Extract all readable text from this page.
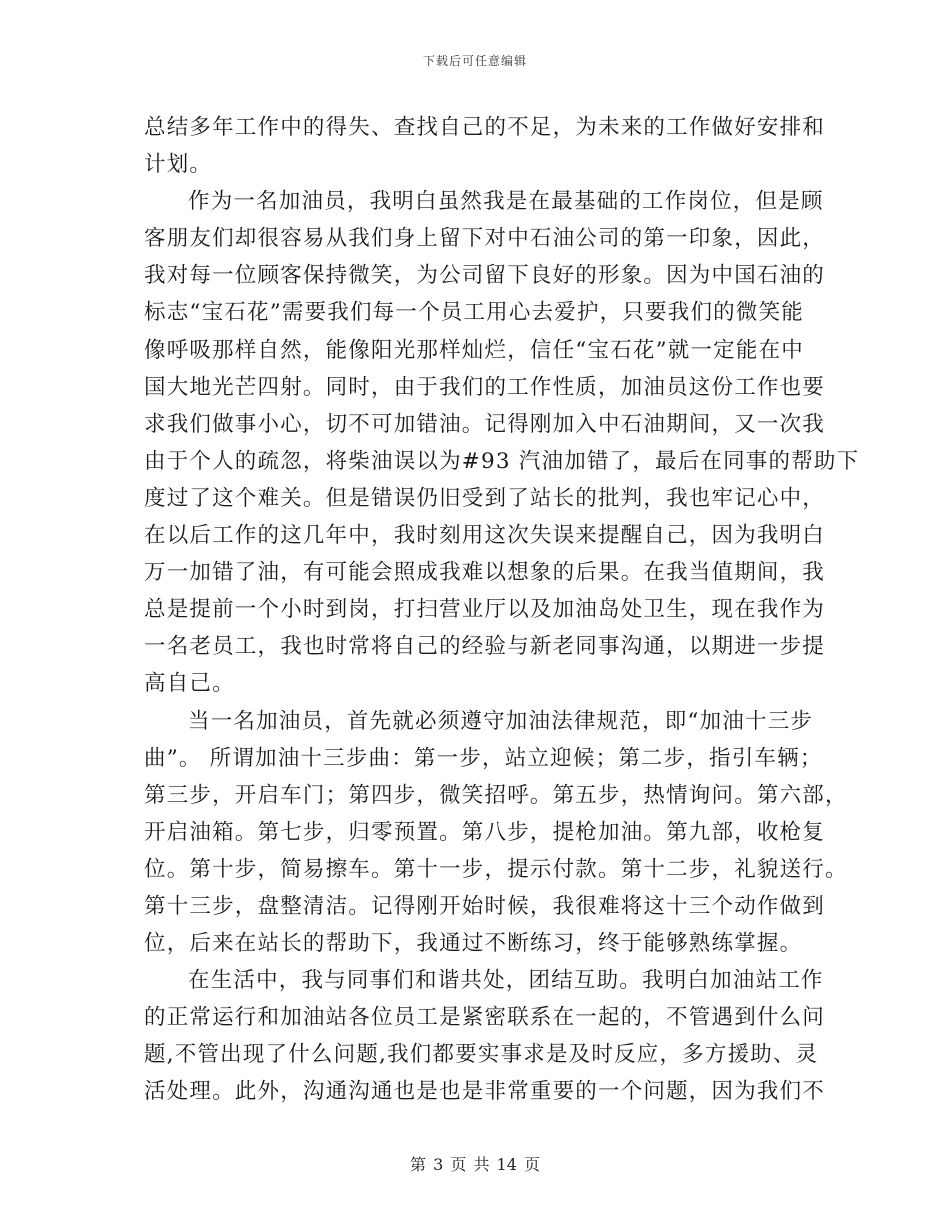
下载后可任意编辑
总结多年工作中的得失、查找自己的不足，为未来的工作做好安排和
计划。
作为一名加油员，我明白虽然我是在最基础的工作岗位，但是顾
客朋友们却很容易从我们身上留下对中石油公司的第一印象，因此，
我对每一位顾客保持微笑，为公司留下良好的形象。因为中国石油的
标志“宝石花”需要我们每一个员工用心去爱护，只要我们的微笑能
像呼吸那样自然，能像阳光那样灿烂，信任“宝石花”就一定能在中
国大地光芒四射。同时，由于我们的工作性质，加油员这份工作也要
求我们做事小心，切不可加错油。记得刚加入中石油期间，又一次我
由于个人的疏忽，将柴油误以为#93 汽油加错了，最后在同事的帮助下
度过了这个难关。但是错误仍旧受到了站长的批判，我也牢记心中，
在以后工作的这几年中，我时刻用这次失误来提醒自己，因为我明白
万一加错了油，有可能会照成我难以想象的后果。在我当值期间，我
总是提前一个小时到岗，打扫营业厅以及加油岛处卫生，现在我作为
一名老员工，我也时常将自己的经验与新老同事沟通，以期进一步提
高自己。
当一名加油员，首先就必须遵守加油法律规范，即“加油十三步
曲”。 所谓加油十三步曲：第一步，站立迎候；第二步，指引车辆；
第三步，开启车门；第四步，微笑招呼。第五步，热情询问。第六部，
开启油箱。第七步，归零预置。第八步，提枪加油。第九部，收枪复
位。第十步，简易擦车。第十一步，提示付款。第十二步，礼貌送行。
第十三步，盘整清洁。记得刚开始时候，我很难将这十三个动作做到
位，后来在站长的帮助下，我通过不断练习，终于能够熟练掌握。
在生活中，我与同事们和谐共处，团结互助。我明白加油站工作
的正常运行和加油站各位员工是紧密联系在一起的，不管遇到什么问
题,不管出现了什么问题,我们都要实事求是及时反应，多方援助、灵
活处理。此外，沟通沟通也是也是非常重要的一个问题，因为我们不
第 3 页 共 14 页
